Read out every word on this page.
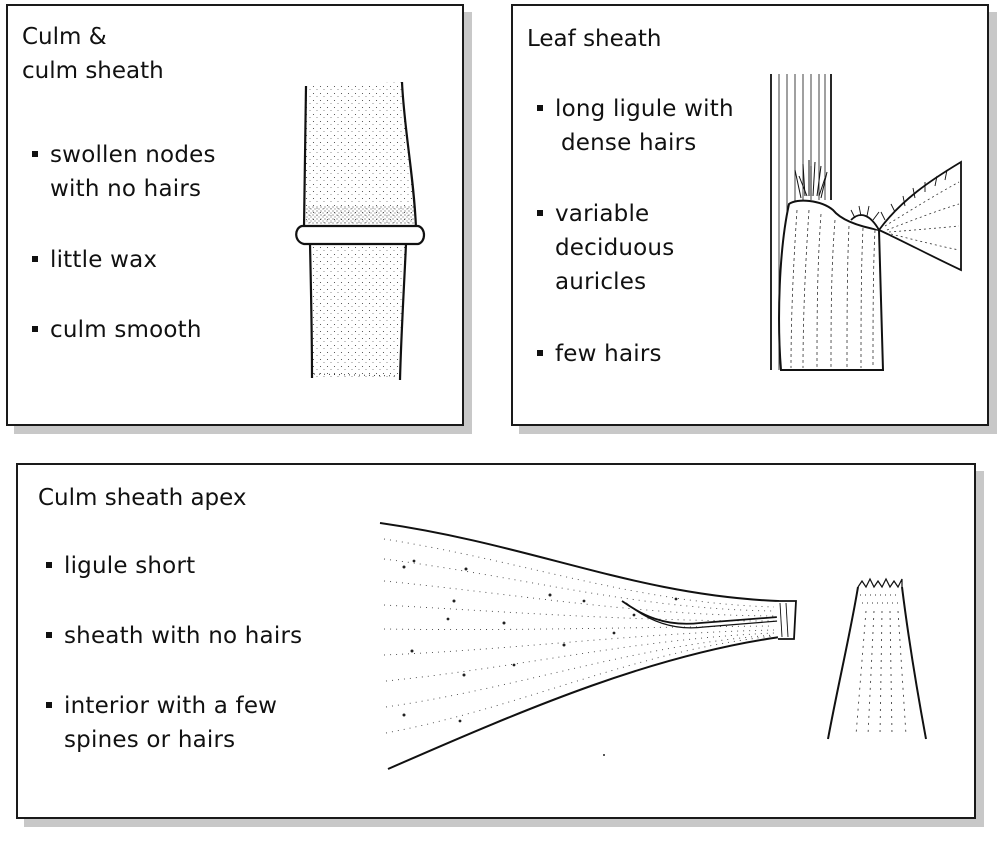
Culm &
culm sheath
swollen nodes
with no hairs
little wax
culm smooth
Leaf sheath
long ligule with
dense hairs
variable
deciduous
auricles
few hairs
Culm sheath apex
ligule short
sheath with no hairs
interior with a few
spines or hairs
